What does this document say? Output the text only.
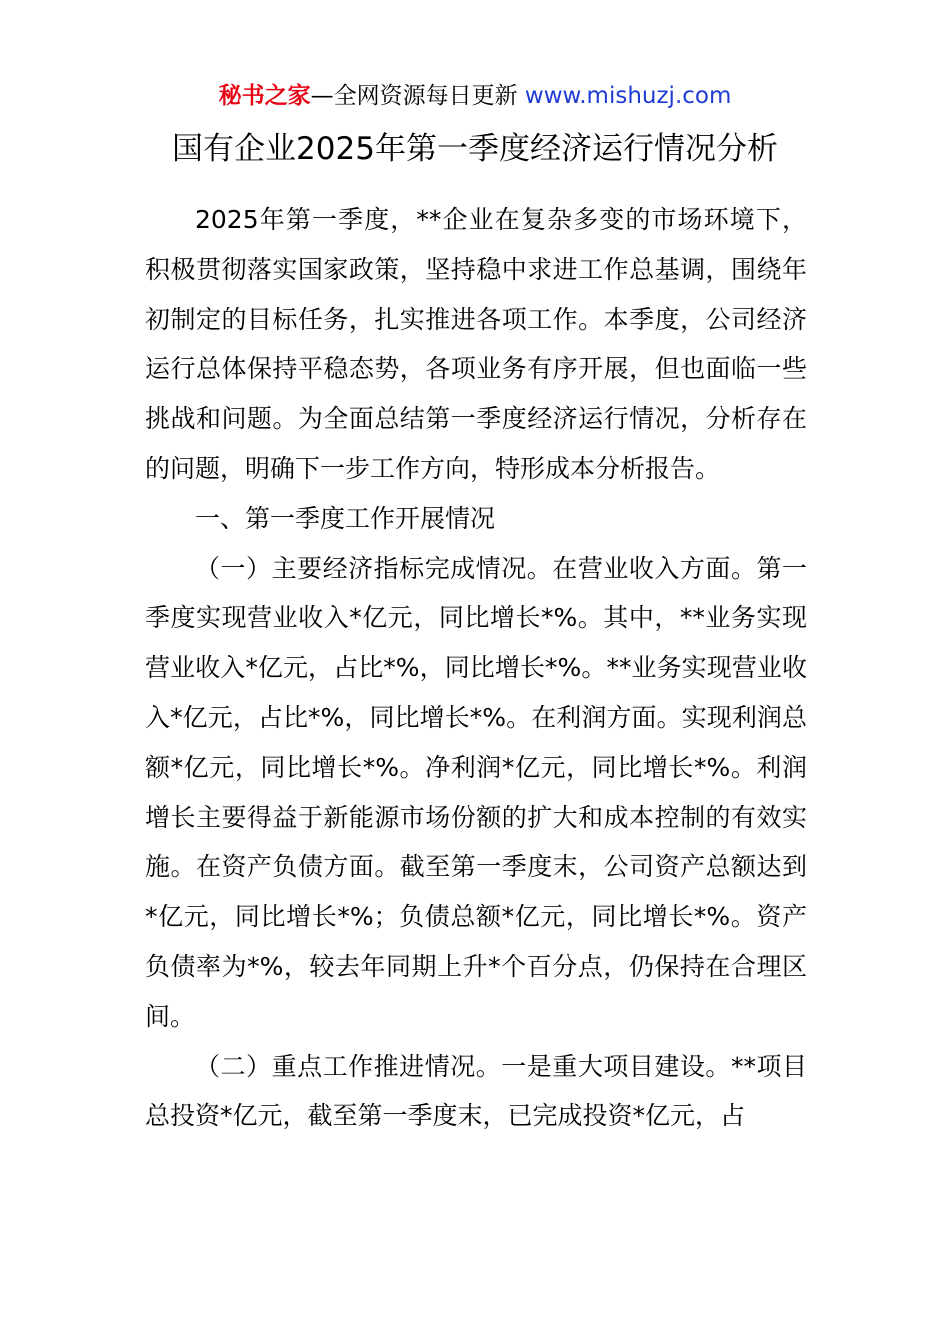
秘书之家—全网资源每日更新 www.mishuzj.com
国有企业2025年第一季度经济运行情况分析

2025年第一季度，**企业在复杂多变的市场环境下，积极贯彻落实国家政策，坚持稳中求进工作总基调，围绕年初制定的目标任务，扎实推进各项工作。本季度，公司经济运行总体保持平稳态势，各项业务有序开展，但也面临一些挑战和问题。为全面总结第一季度经济运行情况，分析存在的问题，明确下一步工作方向，特形成本分析报告。

一、第一季度工作开展情况

（一）主要经济指标完成情况。在营业收入方面。第一季度实现营业收入*亿元，同比增长*%。其中，**业务实现营业收入*亿元，占比*%，同比增长*%。**业务实现营业收入*亿元，占比*%，同比增长*%。在利润方面。实现利润总额*亿元，同比增长*%。净利润*亿元，同比增长*%。利润增长主要得益于新能源市场份额的扩大和成本控制的有效实施。在资产负债方面。截至第一季度末，公司资产总额达到*亿元，同比增长*%；负债总额*亿元，同比增长*%。资产负债率为*%，较去年同期上升*个百分点，仍保持在合理区间。

（二）重点工作推进情况。一是重大项目建设。**项目总投资*亿元，截至第一季度末，已完成投资*亿元，占
